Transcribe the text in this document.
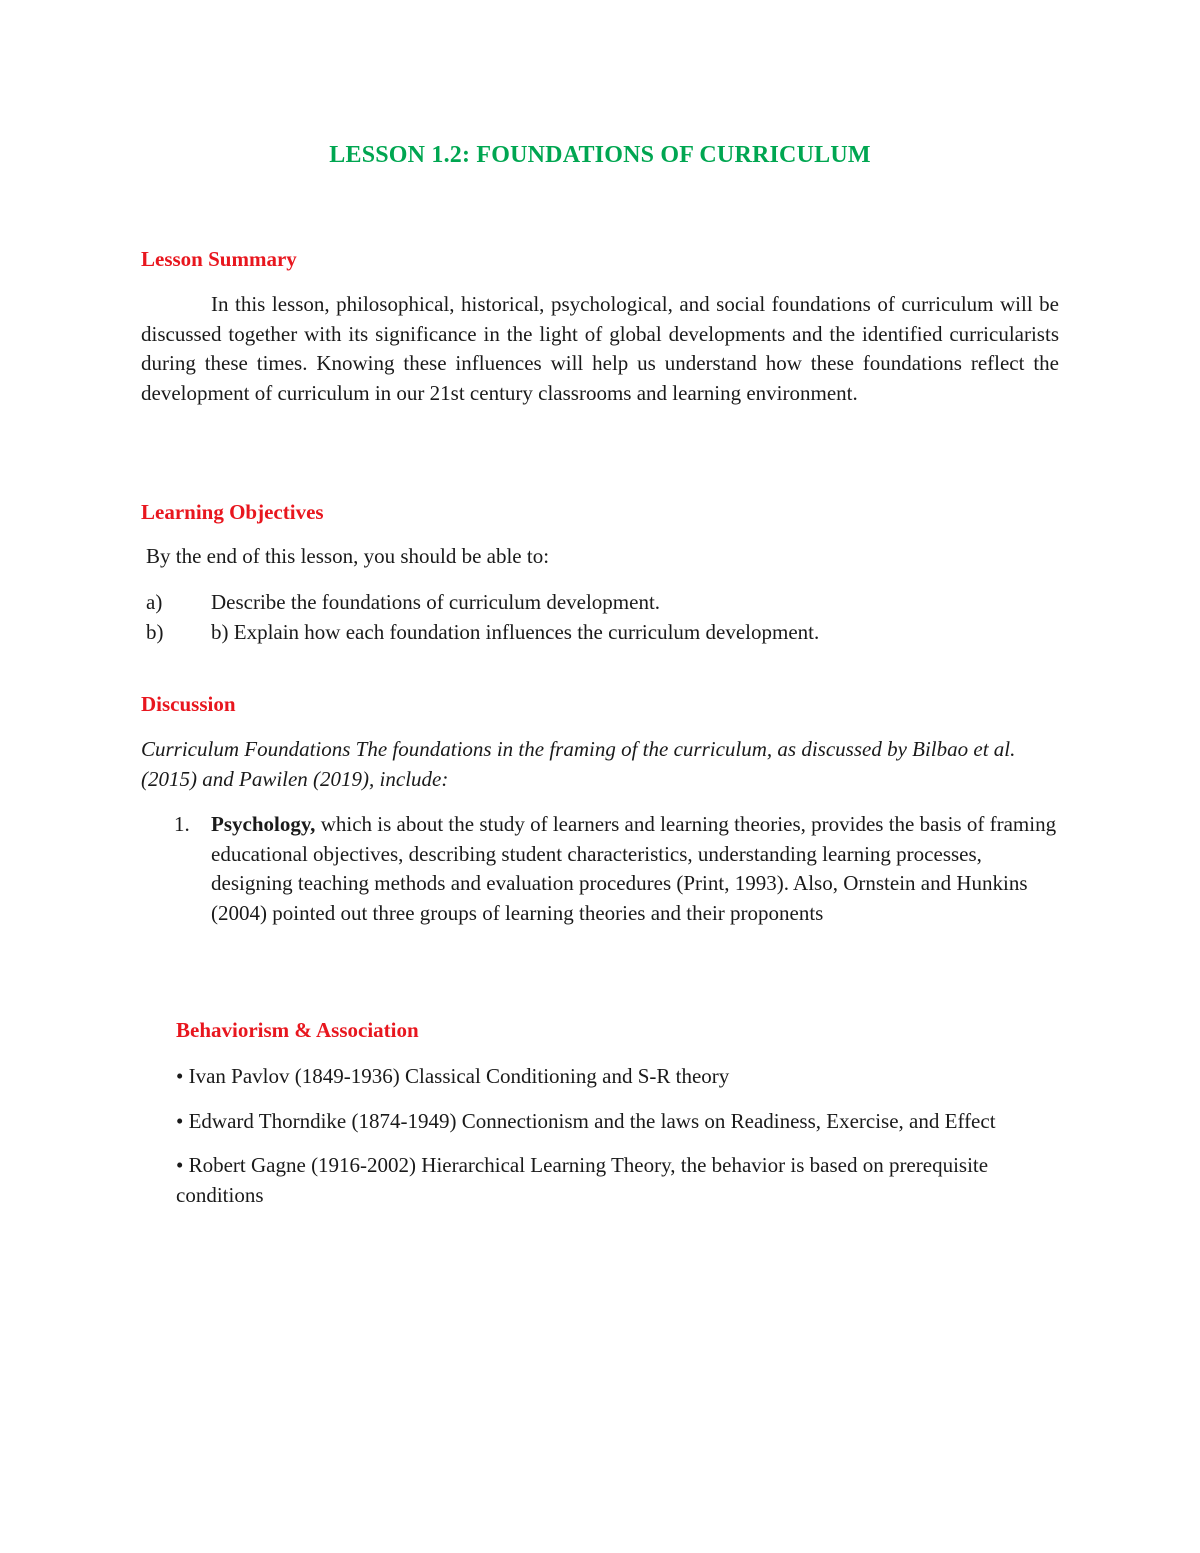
LESSON 1.2: FOUNDATIONS OF CURRICULUM
Lesson Summary
In this lesson, philosophical, historical, psychological, and social foundations of curriculum will be discussed together with its significance in the light of global developments and the identified curricularists during these times. Knowing these influences will help us understand how these foundations reflect the development of curriculum in our 21st century classrooms and learning environment.
Learning Objectives
By the end of this lesson, you should be able to:
a)	Describe the foundations of curriculum development.
b)	b) Explain how each foundation influences the curriculum development.
Discussion
Curriculum Foundations The foundations in the framing of the curriculum, as discussed by Bilbao et al. (2015) and Pawilen (2019), include:
1.	Psychology, which is about the study of learners and learning theories, provides the basis of framing educational objectives, describing student characteristics, understanding learning processes, designing teaching methods and evaluation procedures (Print, 1993). Also, Ornstein and Hunkins (2004) pointed out three groups of learning theories and their proponents
Behaviorism & Association
• Ivan Pavlov (1849-1936) Classical Conditioning and S-R theory
• Edward Thorndike (1874-1949) Connectionism and the laws on Readiness, Exercise, and Effect
• Robert Gagne (1916-2002) Hierarchical Learning Theory, the behavior is based on prerequisite conditions
